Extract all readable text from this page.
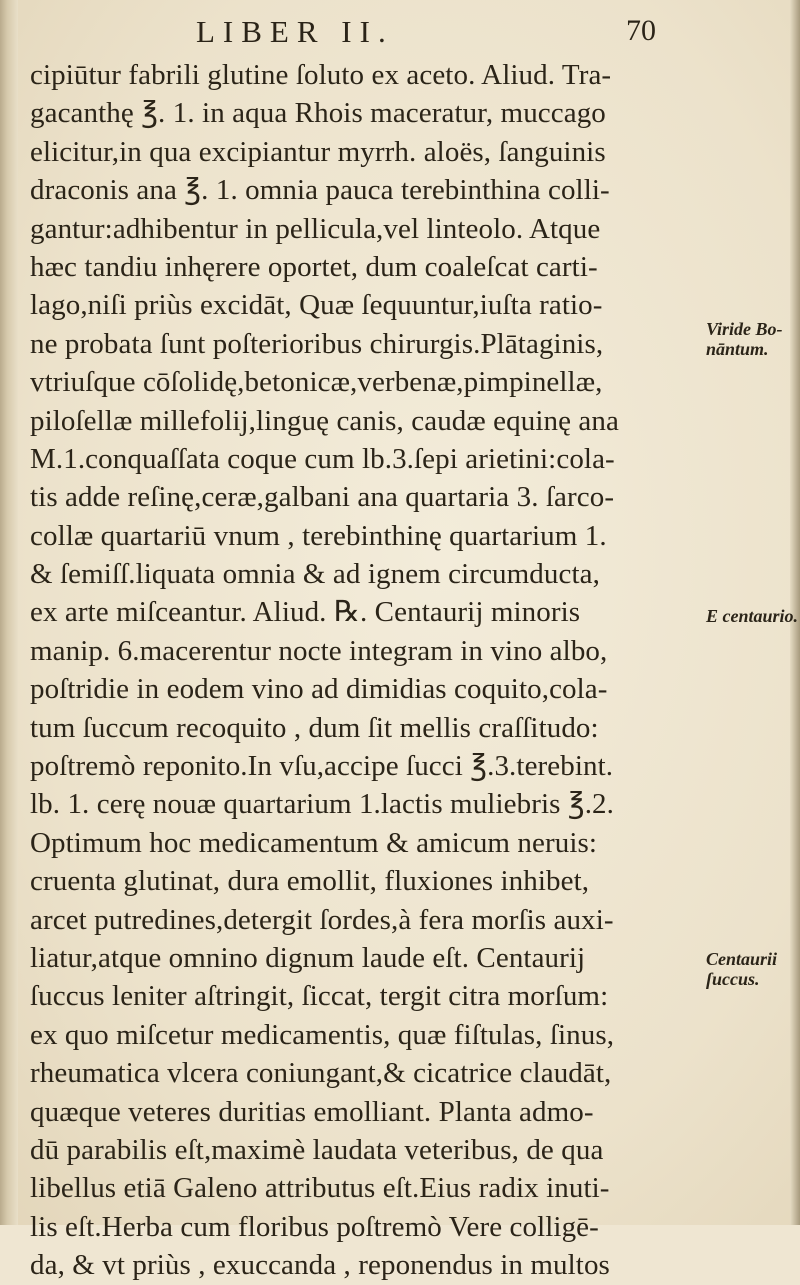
LIBER II.	70
cipiūtur fabrili glutine ſoluto ex aceto. Aliud. Tra-
gacanthę ℥. 1. in aqua Rhois maceratur, muccago
elicitur,in qua excipiantur myrrh. aloës, ſanguinis
draconis ana ℥. 1. omnia pauca terebinthina colli-
gantur:adhibentur in pellicula,vel linteolo. Atque
hæc tandiu inhęrere oportet, dum coaleſcat carti-
lago,niſi priùs excidāt, Quæ ſequuntur,iuſta ratio-
ne probata ſunt poſterioribus chirurgis.Plātaginis,
vtriuſque cōſolidę,betonicæ,verbenæ,pimpinellæ,
piloſellæ millefolij,linguę canis, caudæ equinę ana
M.1.conquaſſata coque cum lb.3.ſepi arietini:cola-
tis adde reſinę,ceræ,galbani ana quartaria 3. ſarco-
collæ quartariū vnum , terebinthinę quartarium 1.
& ſemiſſ.liquata omnia & ad ignem circumducta,
ex arte miſceantur. Aliud. ℞. Centaurij minoris
manip. 6.macerentur nocte integram in vino albo,
poſtridie in eodem vino ad dimidias coquito,cola-
tum ſuccum recoquito , dum ſit mellis craſſitudo:
poſtremò reponito.In vſu,accipe ſucci ℥.3.terebint.
lb. 1. cerę nouæ quartarium 1.lactis muliebris ℥.2.
Optimum hoc medicamentum & amicum neruis:
cruenta glutinat, dura emollit, fluxiones inhibet,
arcet putredines,detergit ſordes,à fera morſis auxi-
liatur,atque omnino dignum laude eſt. Centaurij
ſuccus leniter aſtringit, ſiccat, tergit citra morſum:
ex quo miſcetur medicamentis, quæ fiſtulas, ſinus,
rheumatica vlcera coniungant,& cicatrice claudāt,
quæque veteres duritias emolliant. Planta admo-
dū parabilis eſt,maximè laudata veteribus, de qua
libellus etiā Galeno attributus eſt.Eius radix inuti-
lis eſt.Herba cum floribus poſtremò Vere colligē-
da, & vt priùs , exuccanda , reponendus in multos
Viride Bo-
nāntum.
E centaurio.
Centaurii
ſuccus.
